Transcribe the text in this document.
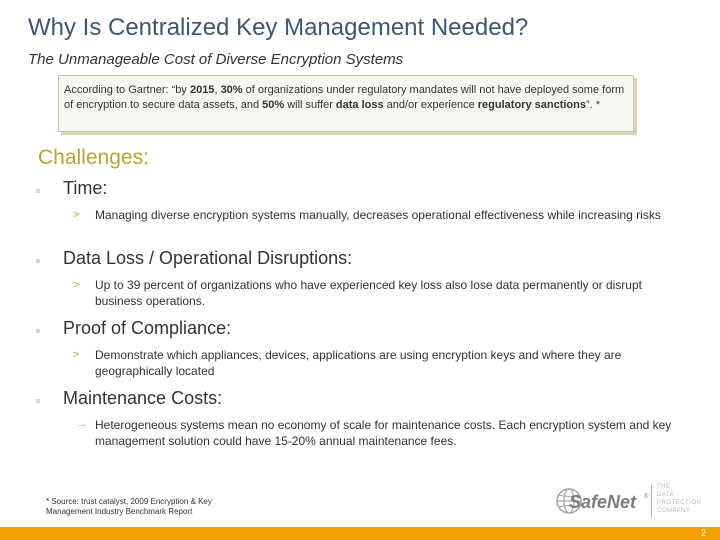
Why Is Centralized Key Management Needed?
The Unmanageable Cost of Diverse Encryption Systems
According to Gartner: “by 2015, 30% of organizations under regulatory mandates will not have deployed some form of encryption to secure data assets, and 50% will suffer data loss and/or experience regulatory sanctions”. *
Challenges:
Time:
> Managing diverse encryption systems manually, decreases operational effectiveness while increasing risks
Data Loss / Operational Disruptions:
> Up to 39 percent of organizations who have experienced key loss also lose data permanently or disrupt business operations.
Proof of Compliance:
> Demonstrate which appliances, devices, applications are using encryption keys and where they are geographically located
Maintenance Costs:
→ Heterogeneous systems mean no economy of scale for maintenance costs. Each encryption system and key management solution could have 15-20% annual maintenance fees.
* Source: trust catalyst, 2009 Encryption & Key Management Industry Benchmark Report	SafeNet ®
THE
DATA
PROTECTION
COMPANY
2
